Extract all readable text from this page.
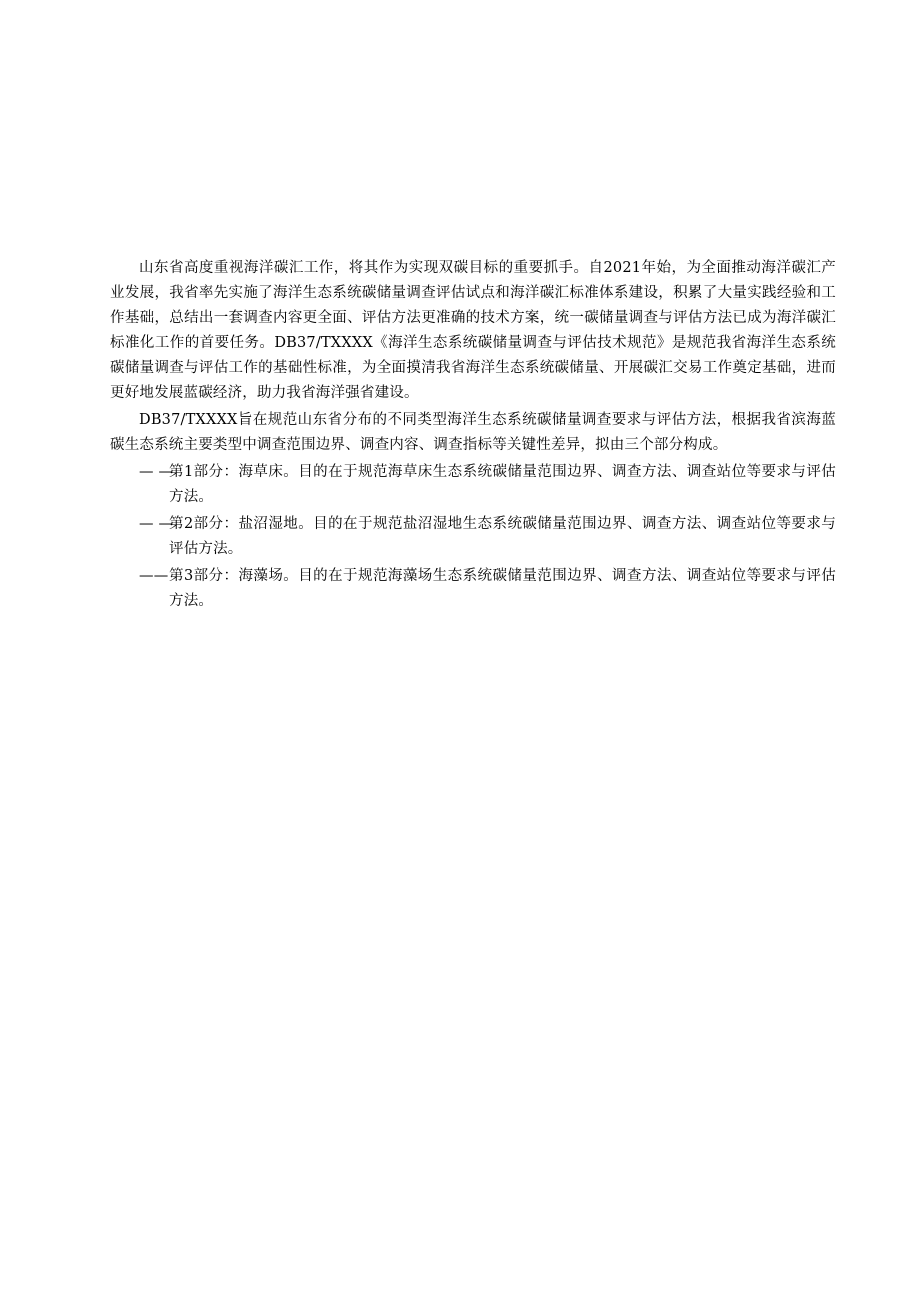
山东省高度重视海洋碳汇工作，将其作为实现双碳目标的重要抓手。自2021年始，为全面推动海洋碳汇产业发展，我省率先实施了海洋生态系统碳储量调查评估试点和海洋碳汇标准体系建设，积累了大量实践经验和工作基础，总结出一套调查内容更全面、评估方法更准确的技术方案，统一碳储量调查与评估方法已成为海洋碳汇标准化工作的首要任务。DB37/TXXXX《海洋生态系统碳储量调查与评估技术规范》是规范我省海洋生态系统碳储量调查与评估工作的基础性标准，为全面摸清我省海洋生态系统碳储量、开展碳汇交易工作奠定基础，进而更好地发展蓝碳经济，助力我省海洋强省建设。

DB37/TXXXX旨在规范山东省分布的不同类型海洋生态系统碳储量调查要求与评估方法，根据我省滨海蓝碳生态系统主要类型中调查范围边界、调查内容、调查指标等关键性差异，拟由三个部分构成。

— —
第1部分：海草床。目的在于规范海草床生态系统碳储量范围边界、调查方法、调查站位等要求与评估方法。
— —
第2部分：盐沼湿地。目的在于规范盐沼湿地生态系统碳储量范围边界、调查方法、调查站位等要求与评估方法。
—— 第3部分：海藻场。目的在于规范海藻场生态系统碳储量范围边界、调查方法、调查站位等要求与评估方法。
